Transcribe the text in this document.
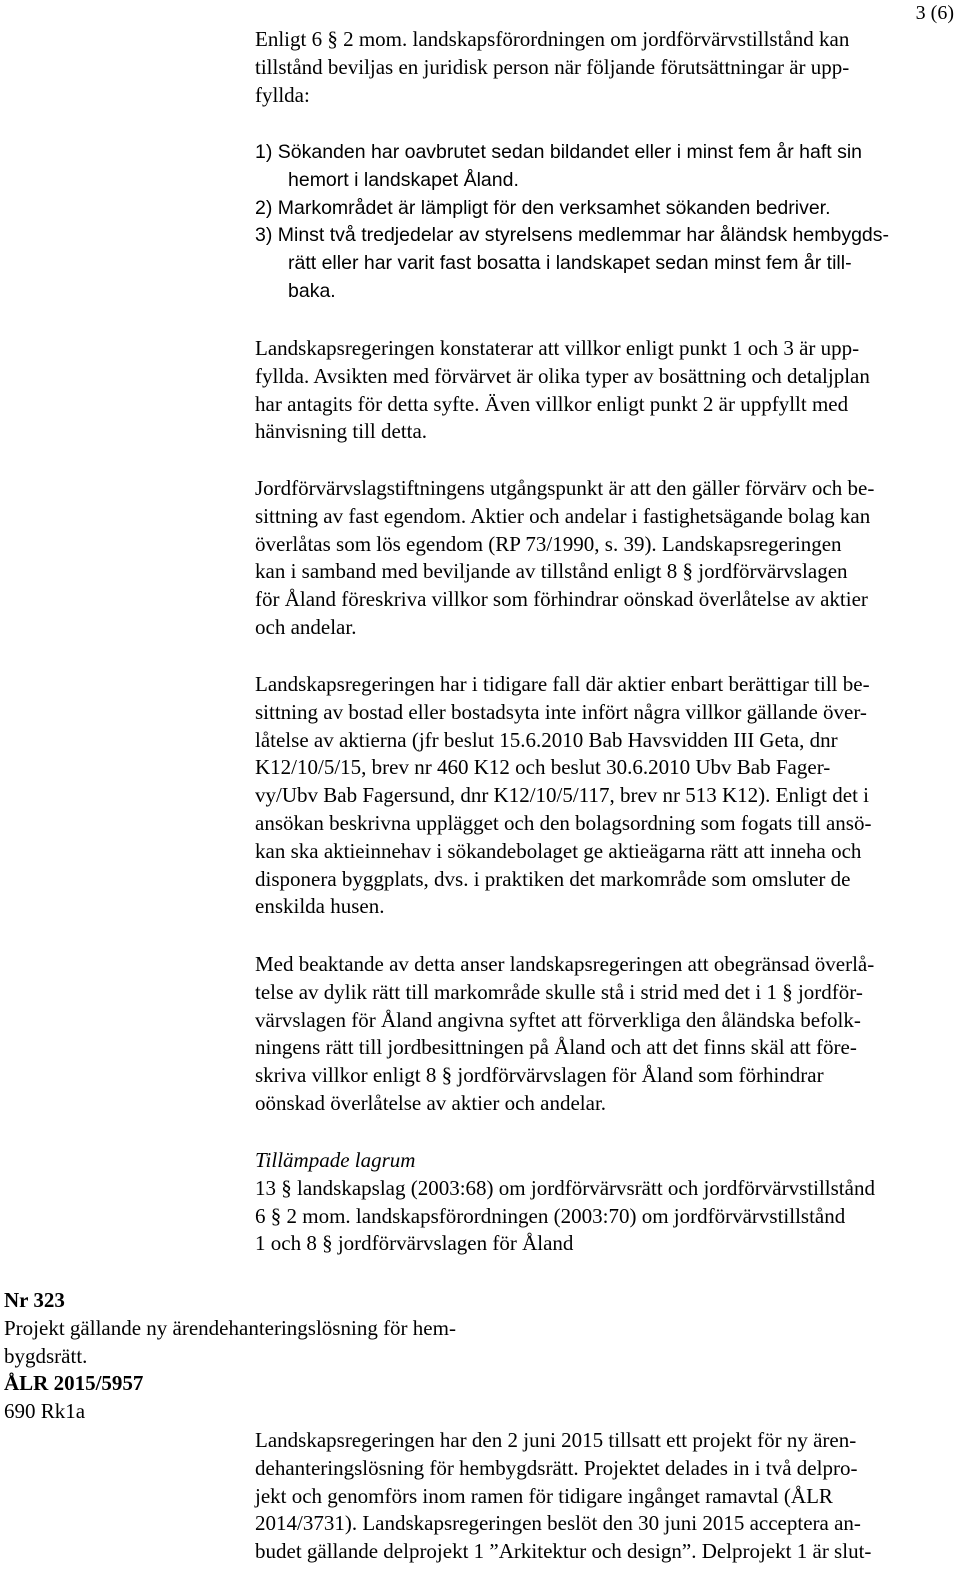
3 (6)

Enligt 6 § 2 mom. landskapsförordningen om jordförvärvstillstånd kan

tillstånd beviljas en juridisk person när följande förutsättningar är upp-

fyllda:

1) Sökanden har oavbrutet sedan bildandet eller i minst fem år haft sin

hemort i landskapet Åland.

2) Markområdet är lämpligt för den verksamhet sökanden bedriver.

3) Minst två tredjedelar av styrelsens medlemmar har åländsk hembygds-

rätt eller har varit fast bosatta i landskapet sedan minst fem år till-

baka.

Landskapsregeringen konstaterar att villkor enligt punkt 1 och 3 är upp-

fyllda. Avsikten med förvärvet är olika typer av bosättning och detaljplan

har antagits för detta syfte. Även villkor enligt punkt 2 är uppfyllt med

hänvisning till detta.

Jordförvärvslagstiftningens utgångspunkt är att den gäller förvärv och be-

sittning av fast egendom. Aktier och andelar i fastighetsägande bolag kan

överlåtas som lös egendom (RP 73/1990, s. 39). Landskapsregeringen

kan i samband med beviljande av tillstånd enligt 8 § jordförvärvslagen

för Åland föreskriva villkor som förhindrar oönskad överlåtelse av aktier

och andelar.

Landskapsregeringen har i tidigare fall där aktier enbart berättigar till be-

sittning av bostad eller bostadsyta inte infört några villkor gällande över-

låtelse av aktierna (jfr beslut 15.6.2010 Bab Havsvidden III Geta, dnr

K12/10/5/15, brev nr 460 K12 och beslut 30.6.2010 Ubv Bab Fager-

vy/Ubv Bab Fagersund, dnr K12/10/5/117, brev nr 513 K12). Enligt det i

ansökan beskrivna upplägget och den bolagsordning som fogats till ansö-

kan ska aktieinnehav i sökandebolaget ge aktieägarna rätt att inneha och

disponera byggplats, dvs. i praktiken det markområde som omsluter de

enskilda husen.

Med beaktande av detta anser landskapsregeringen att obegränsad överlå-

telse av dylik rätt till markområde skulle stå i strid med det i 1 § jordför-

värvslagen för Åland angivna syftet att förverkliga den åländska befolk-

ningens rätt till jordbesittningen på Åland och att det finns skäl att före-

skriva villkor enligt 8 § jordförvärvslagen för Åland som förhindrar

oönskad överlåtelse av aktier och andelar.

Tillämpade lagrum

13 § landskapslag (2003:68) om jordförvärvsrätt och jordförvärvstillstånd

6 § 2 mom. landskapsförordningen (2003:70) om jordförvärvstillstånd

1 och 8 § jordförvärvslagen för Åland

Nr 323

Projekt gällande ny ärendehanteringslösning för hem-

bygdsrätt.

ÅLR 2015/5957

690 Rk1a

Landskapsregeringen har den 2 juni 2015 tillsatt ett projekt för ny ären-

dehanteringslösning för hembygdsrätt. Projektet delades in i två delpro-

jekt och genomförs inom ramen för tidigare ingånget ramavtal (ÅLR

2014/3731). Landskapsregeringen beslöt den 30 juni 2015 acceptera an-

budet gällande delprojekt 1 ”Arkitektur och design”. Delprojekt 1 är slut-
